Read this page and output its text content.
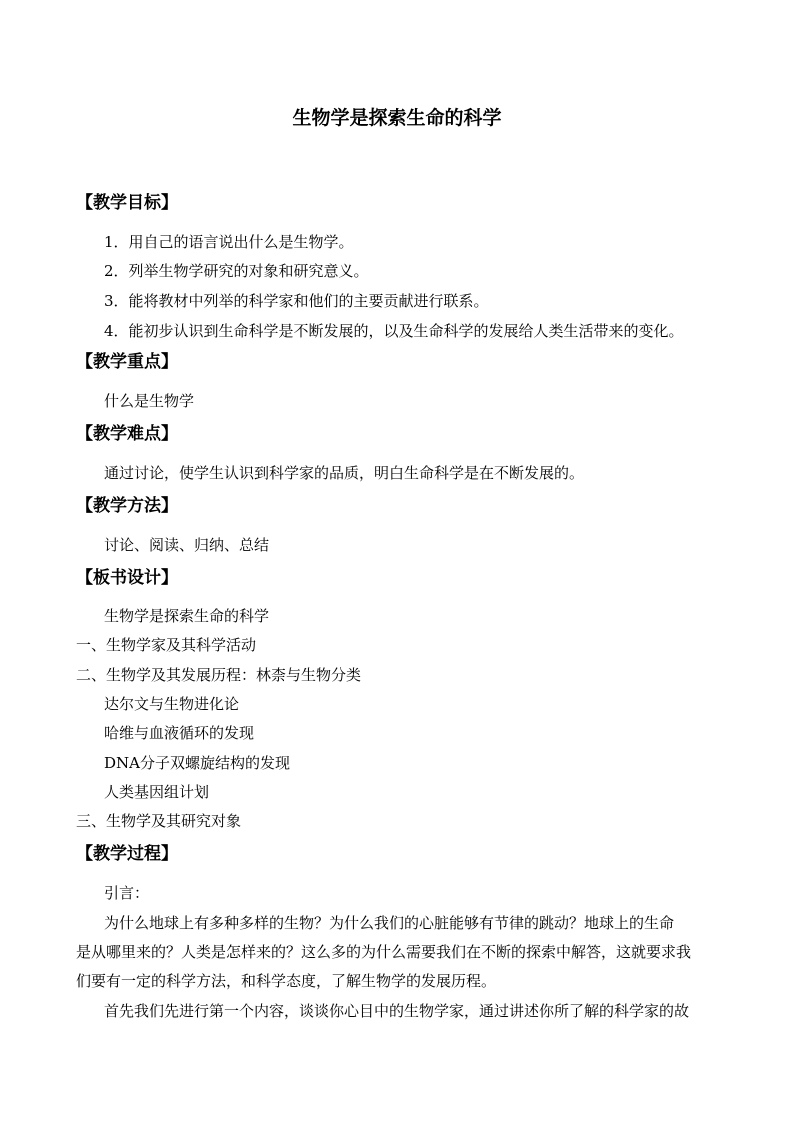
生物学是探索生命的科学
【教学目标】
1．用自己的语言说出什么是生物学。
2．列举生物学研究的对象和研究意义。
3．能将教材中列举的科学家和他们的主要贡献进行联系。
4．能初步认识到生命科学是不断发展的，以及生命科学的发展给人类生活带来的变化。
【教学重点】
什么是生物学
【教学难点】
通过讨论，使学生认识到科学家的品质，明白生命科学是在不断发展的。
【教学方法】
讨论、阅读、归纳、总结
【板书设计】
生物学是探索生命的科学
一、生物学家及其科学活动
二、生物学及其发展历程：林柰与生物分类
达尔文与生物进化论
哈维与血液循环的发现
DNA分子双螺旋结构的发现
人类基因组计划
三、生物学及其研究对象
【教学过程】
引言：
为什么地球上有多种多样的生物？为什么我们的心脏能够有节律的跳动？地球上的生命
是从哪里来的？人类是怎样来的？这么多的为什么需要我们在不断的探索中解答，这就要求我
们要有一定的科学方法，和科学态度，了解生物学的发展历程。
首先我们先进行第一个内容，谈谈你心目中的生物学家，通过讲述你所了解的科学家的故
